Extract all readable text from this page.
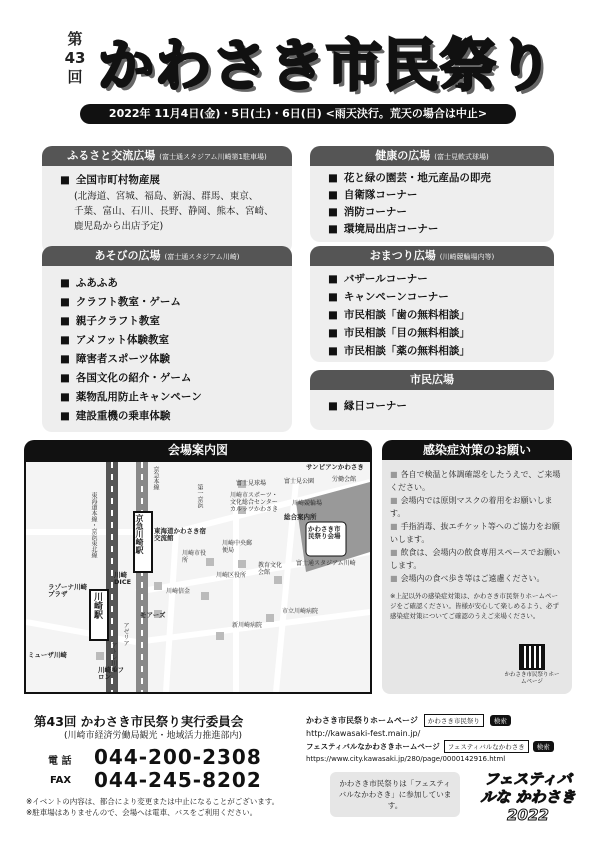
第43回 かわさき市民祭り
2022年 11月4日(金)・5日(土)・6日(日) <雨天決行。荒天の場合は中止>
ふるさと交流広場 (富士通スタジアム川崎第1駐車場)
■ 全国市町村物産展
(北海道、宮城、福島、新潟、群馬、東京、
千葉、富山、石川、長野、静岡、熊本、宮崎、
鹿児島から出店予定)
あそびの広場 (富士通スタジアム川崎)
■ ふあふあ
■ クラフト教室・ゲーム
■ 親子クラフト教室
■ アメフット体験教室
■ 障害者スポーツ体験
■ 各国文化の紹介・ゲーム
■ 薬物乱用防止キャンペーン
■ 建設重機の乗車体験
健康の広場 (富士見軟式球場)
■ 花と緑の園芸・地元産品の即売
■ 自衛隊コーナー
■ 消防コーナー
■ 環境局出店コーナー
おまつり広場 (川崎競輪場内等)
■ バザールコーナー
■ キャンペーンコーナー
■ 市民相談「歯の無料相談」
■ 市民相談「目の無料相談」
■ 市民相談「薬の無料相談」
市民広場
■ 縁日コーナー
会場案内図
東海道本線・京浜東北線
京急本線
京急川崎駅
川崎駅
ラゾーナ川崎プラザ
ミューザ川崎
川崎DICE
モアーズ
アゼリア
アトレ川崎
川崎ルフロン
第一京浜
東海道かわさき宿交流館
川崎区役所
川崎市役所
川崎中央郵便局
川崎信金
教育文化会館
新川崎病院
市立川崎病院
富士通スタジアム川崎
富士見公園
富士見球場
川崎市スポーツ・文化総合センター カルッツかわさき
川崎競輪場
総合案内所
かわさき市民祭り会場
サンピアンかわさき
労働会館
感染症対策のお願い
■ 各自で検温と体調確認をしたうえで、ご来場ください。
■ 会場内では原則マスクの着用をお願いします。
■ 手指消毒、抜エチケット等へのご協力をお願いします。
■ 飲食は、会場内の飲食専用スペースでお願いします。
■ 会場内の食べ歩き等はご遠慮ください。
※上記以外の感染症対策は、かわさき市民祭りホームページをご確認ください。皆様が安心して楽しめるよう、必ず感染症対策についてご確認のうえご来場ください。
かわさき市民祭りホームページ
第43回 かわさき市民祭り実行委員会
(川崎市経済労働局観光・地域活力推進部内)
電 話 044-200-2308
FAX 044-245-8202
※イベントの内容は、都合により変更または中止になることがございます。
※駐車場はありませんので、会場へは電車、バスをご利用ください。
かわさき市民祭りホームページ	かわさき市民祭り	検索
http://kawasaki-fest.main.jp/
フェスティバルなかわさきホームページ	フェスティバルなかわさき	検索
https://www.city.kawasaki.jp/280/page/0000142916.html
かわさき市民祭りは「フェスティバルなかわさき」に参加しています。
フェスティバルな かわさき 2022
